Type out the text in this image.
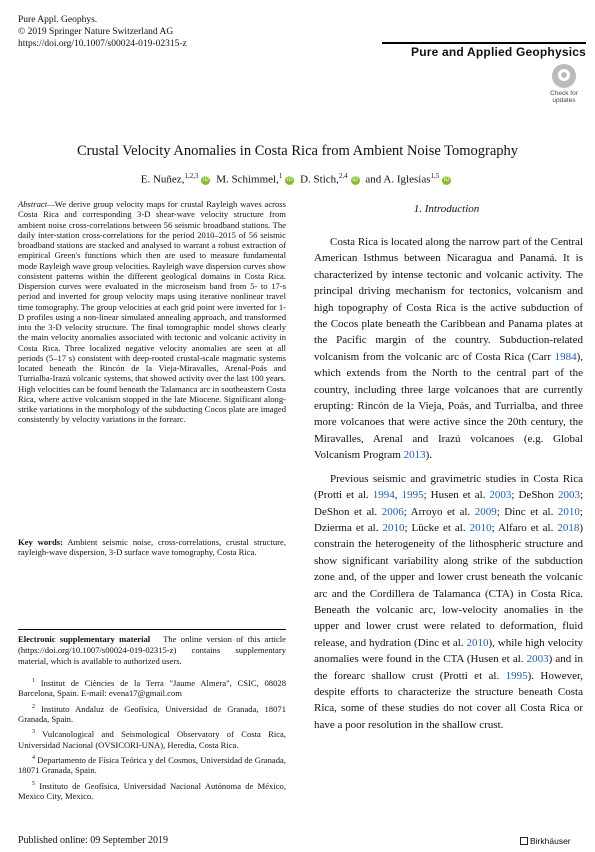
Pure Appl. Geophys.
© 2019 Springer Nature Switzerland AG
https://doi.org/10.1007/s00024-019-02315-z
Pure and Applied Geophysics
Check for
updates
Crustal Velocity Anomalies in Costa Rica from Ambient Noise Tomography
E. Nuñez,$^{1,2,3}$ iD M. Schimmel,$^1$ iD D. Stich,$^{2,4}$ iD and A. Iglesias$^{1,5}$ iD
Abstract—We derive group velocity maps for crustal Rayleigh waves across Costa Rica and corresponding 3-D shear-wave velocity structure from ambient noise cross-correlations between 56 seismic broadband stations. The daily inter-station cross-correlations for the period 2010–2015 of 56 seismic broadband stations are stacked and analysed to warrant a robust extraction of empirical Green's functions which then are used to measure fundamental mode Rayleigh wave group velocities. Rayleigh wave dispersion curves show consistent patterns within the different geological domains in Costa Rica. Dispersion curves were evaluated in the microseism band from 5- to 17-s period and inverted for group velocity maps using iterative nonlinear travel time tomography. The group velocities at each grid point were inverted for 1-D profiles using a non-linear simulated annealing approach, and transformed into the 3-D velocity structure. The final tomographic model shows clearly the main velocity anomalies associated with tectonic and volcanic activity in Costa Rica. Three localized negative velocity anomalies are seen at all periods (5–17 s) consistent with deep-rooted crustal-scale magmatic systems located beneath the Rincón de la Vieja-Miravalles, Arenal-Poás and Turrialba-Irazú volcanic systems, that showed activity over the last 100 years. High velocities can be found beneath the Talamanca arc in southeastern Costa Rica, where active volcanism stopped in the late Miocene. Significant along-strike variations in the morphology of the subducting Cocos plate are imaged consistently by velocity variations in the forearc.
Key words: Ambient seismic noise, cross-correlations, crustal structure, rayleigh-wave dispersion, 3-D surface wave tomography, Costa Rica.
Electronic supplementary material The online version of this article (https://doi.org/10.1007/s00024-019-02315-z) contains supplementary material, which is available to authorized users.

$^1$ Institut de Ciències de la Terra "Jaume Almera", CSIC, 08028 Barcelona, Spain. E-mail: evena17@gmail.com

$^2$ Instituto Andaluz de Geofísica, Universidad de Granada, 18071 Granada, Spain.

$^3$ Vulcanological and Seismological Observatory of Costa Rica, Universidad Nacional (OVSICORI-UNA), Heredia, Costa Rica.

$^4$ Departamento de Física Teórica y del Cosmos, Universidad de Granada, 18071 Granada, Spain.

$^5$ Instituto de Geofísica, Universidad Nacional Autónoma de México, Mexico City, Mexico.

1. Introduction

Costa Rica is located along the narrow part of the Central American Isthmus between Nicaragua and Panamá. It is characterized by intense tectonic and volcanic activity. The principal driving mechanism for tectonics, volcanism and high topography of Costa Rica is the active subduction of the Cocos plate beneath the Caribbean and Panama plates at the Pacific margin of the country. Subduction-related volcanism from the volcanic arc of Costa Rica (Carr 1984), which extends from the North to the central part of the country, including three large volcanoes that are currently erupting: Rincón de la Vieja, Poás, and Turrialba, and three more volcanoes that were active since the 20th century, the Miravalles, Arenal and Irazú volcanoes (e.g. Global Volcanism Program 2013).

Previous seismic and gravimetric studies in Costa Rica (Protti et al. 1994, 1995; Husen et al. 2003; DeShon 2003; DeShon et al. 2006; Arroyo et al. 2009; Dinc et al. 2010; Dzierma et al. 2010; Lücke et al. 2010; Alfaro et al. 2018) constrain the heterogeneity of the lithospheric structure and show significant variability along strike of the subduction zone and, of the upper and lower crust beneath the volcanic arc and the Cordillera de Talamanca (CTA) in Costa Rica. Beneath the volcanic arc, low-velocity anomalies in the upper and lower crust were related to deformation, fluid release, and hydration (Dinc et al. 2010), while high velocity anomalies were found in the CTA (Husen et al. 2003) and in the forearc shallow crust (Protti et al. 1995). However, despite efforts to characterize the structure beneath Costa Rica, some of these studies do not cover all Costa Rica or have a poor resolution in the shallow crust.

Published online: 09 September 2019	Birkhäuser
